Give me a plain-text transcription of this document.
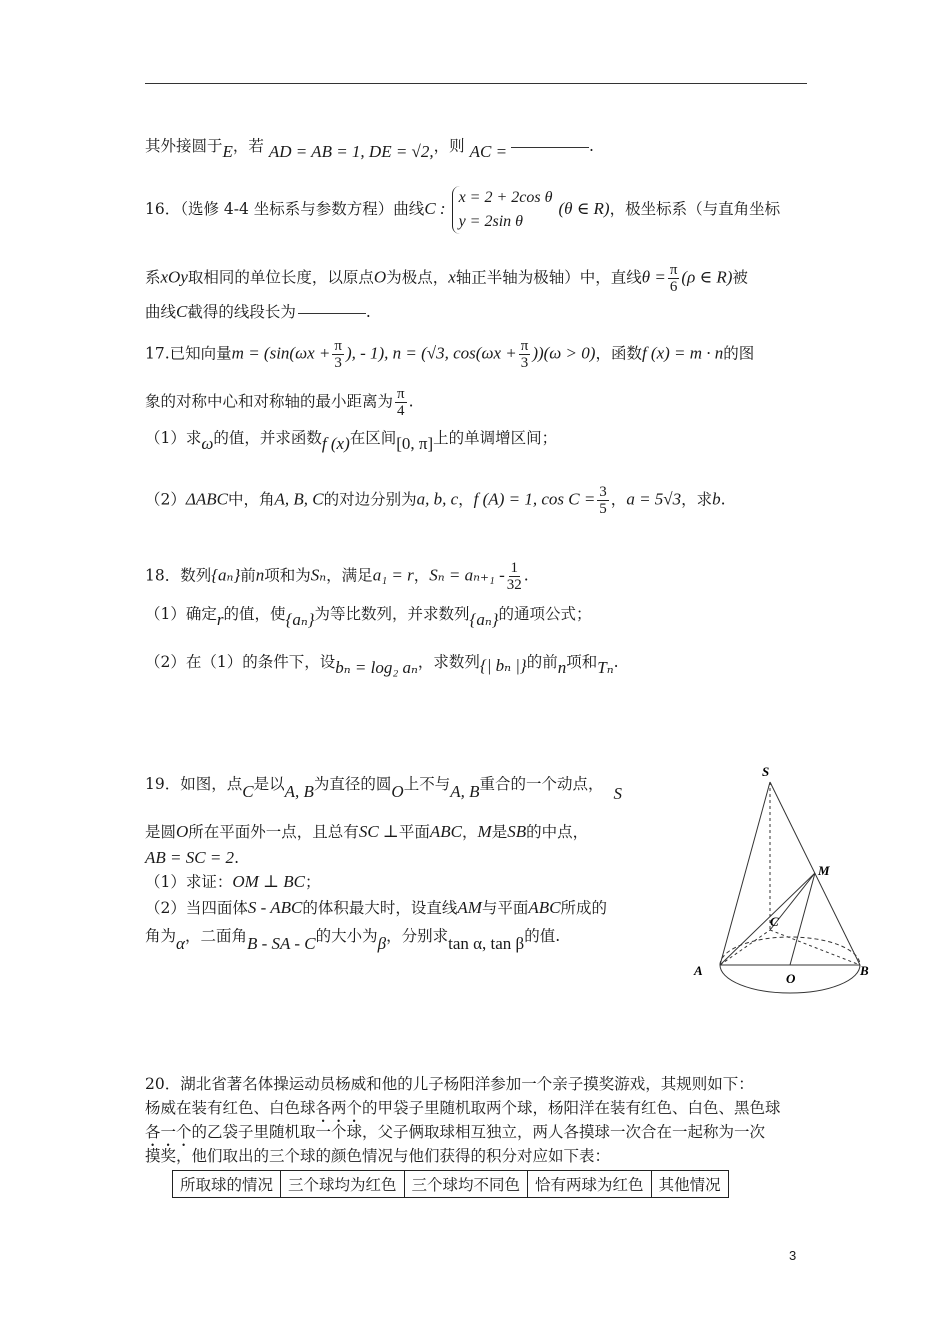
其外接圆于E，若 AD = AB = 1, DE = √2,，则 AC =	.
16．（选修 4-4 坐标系与参数方程）曲线C :x = 2 + 2cos θ
y = 2sin θ(θ ∈ R)，极坐标系（与直角坐标
系xOy取相同的单位长度，以原点O为极点，x轴正半轴为极轴）中，直线$\theta = \frac{\pi}{6} (\rho$ ∈ R)被
曲线C截得的线段长为	.
17.已知向量$m = (\sin(\omega x + \frac{\pi}{3}$ ), - 1), n = (√3, $\cos(\omega x + \frac{\pi}{3} ))(\omega > 0)$，函数f (x) = m · n的图
象的对称中心和对称轴的最小距离为 $\frac{\pi}{4}$ .
（1）求ω的值，并求函数f (x)在区间[0, π]上的单调增区间；
（2）ΔABC中，角A, B, C的对边分别为a, b, c，f (A) = 1, $\cos C = \frac{3}{5}$ ，a = 5√3，求b.
18．数列{aₙ}前n项和为Sₙ，满足a₁ = r，$S_n = a_{n+1} - \frac{1}{32}$ .
（1）确定r的值，使{aₙ}为等比数列，并求数列{aₙ}的通项公式；
（2）在（1）的条件下，设bₙ = log₂ aₙ，求数列{| bₙ |}的前n项和Tₙ.
19．如图，点C是以A, B为直径的圆O上不与A, B重合的一个动点， S
是圆O所在平面外一点，且总有SC ⊥平面ABC，M是SB的中点，
AB = SC = 2.
（1）求证：OM ⊥ BC；
（2）当四面体S - ABC的体积最大时，设直线AM与平面ABC所成的
角为α，二面角B - SA - C的大小为β，分别求tan α, tan β的值.
S
M
C
A
O
B
20．湖北省著名体操运动员杨威和他的儿子杨阳洋参加一个亲子摸奖游戏，其规则如下：
杨威在装有红色、白色球各两个的甲袋子里随机取两个球，杨阳洋在装有红色、白色、黑色球
各一个的乙袋子里随机取一个球，父子俩取球相互独立，两人各摸球一次合在一起称为一次
摸奖，他们取出的三个球的颜色情况与他们获得的积分对应如下表：
所取球的情况	三个球均为红色	三个球均不同色	恰有两球为红色	其他情况
3
